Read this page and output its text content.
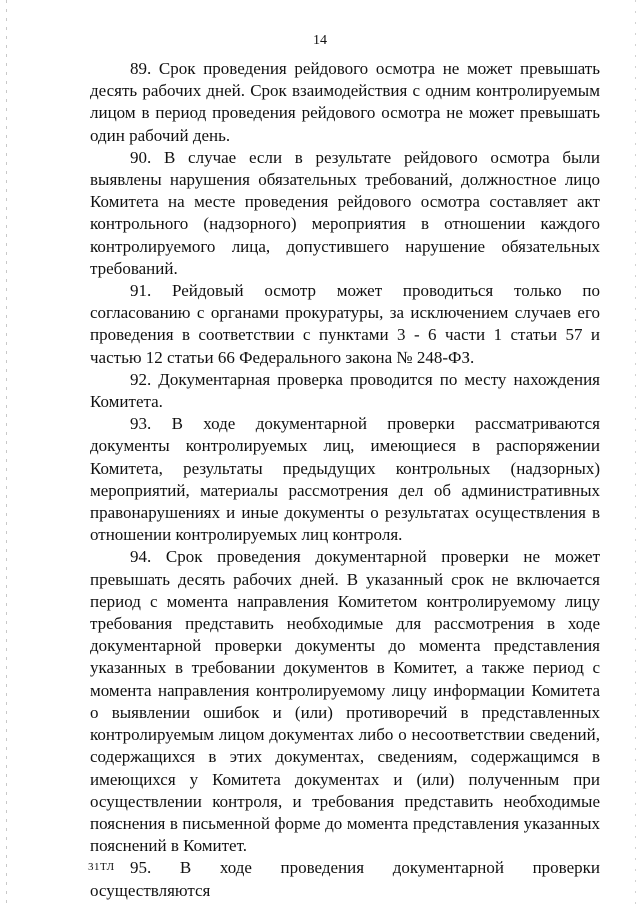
14

89. Срок проведения рейдового осмотра не может превышать десять рабочих дней. Срок взаимодействия с одним контролируемым лицом в период проведения рейдового осмотра не может превышать один рабочий день.

90. В случае если в результате рейдового осмотра были выявлены нарушения обязательных требований, должностное лицо Комитета на месте проведения рейдового осмотра составляет акт контрольного (надзорного) мероприятия в отношении каждого контролируемого лица, допустившего нарушение обязательных требований.

91. Рейдовый осмотр может проводиться только по согласованию с органами прокуратуры, за исключением случаев его проведения в соответствии с пунктами 3 - 6 части 1 статьи 57 и частью 12 статьи 66 Федерального закона № 248-ФЗ.

92. Документарная проверка проводится по месту нахождения Комитета.

93. В ходе документарной проверки рассматриваются документы контролируемых лиц, имеющиеся в распоряжении Комитета, результаты предыдущих контрольных (надзорных) мероприятий, материалы рассмотрения дел об административных правонарушениях и иные документы о результатах осуществления в отношении контролируемых лиц контроля.

94. Срок проведения документарной проверки не может превышать десять рабочих дней. В указанный срок не включается период с момента направления Комитетом контролируемому лицу требования представить необходимые для рассмотрения в ходе документарной проверки документы до момента представления указанных в требовании документов в Комитет, а также период с момента направления контролируемому лицу информации Комитета о выявлении ошибок и (или) противоречий в представленных контролируемым лицом документах либо о несоответствии сведений, содержащихся в этих документах, сведениям, содержащимся в имеющихся у Комитета документах и (или) полученным при осуществлении контроля, и требования представить необходимые пояснения в письменной форме до момента представления указанных пояснений в Комитет.

95. В ходе проведения документарной проверки осуществляются

31ТЛ
